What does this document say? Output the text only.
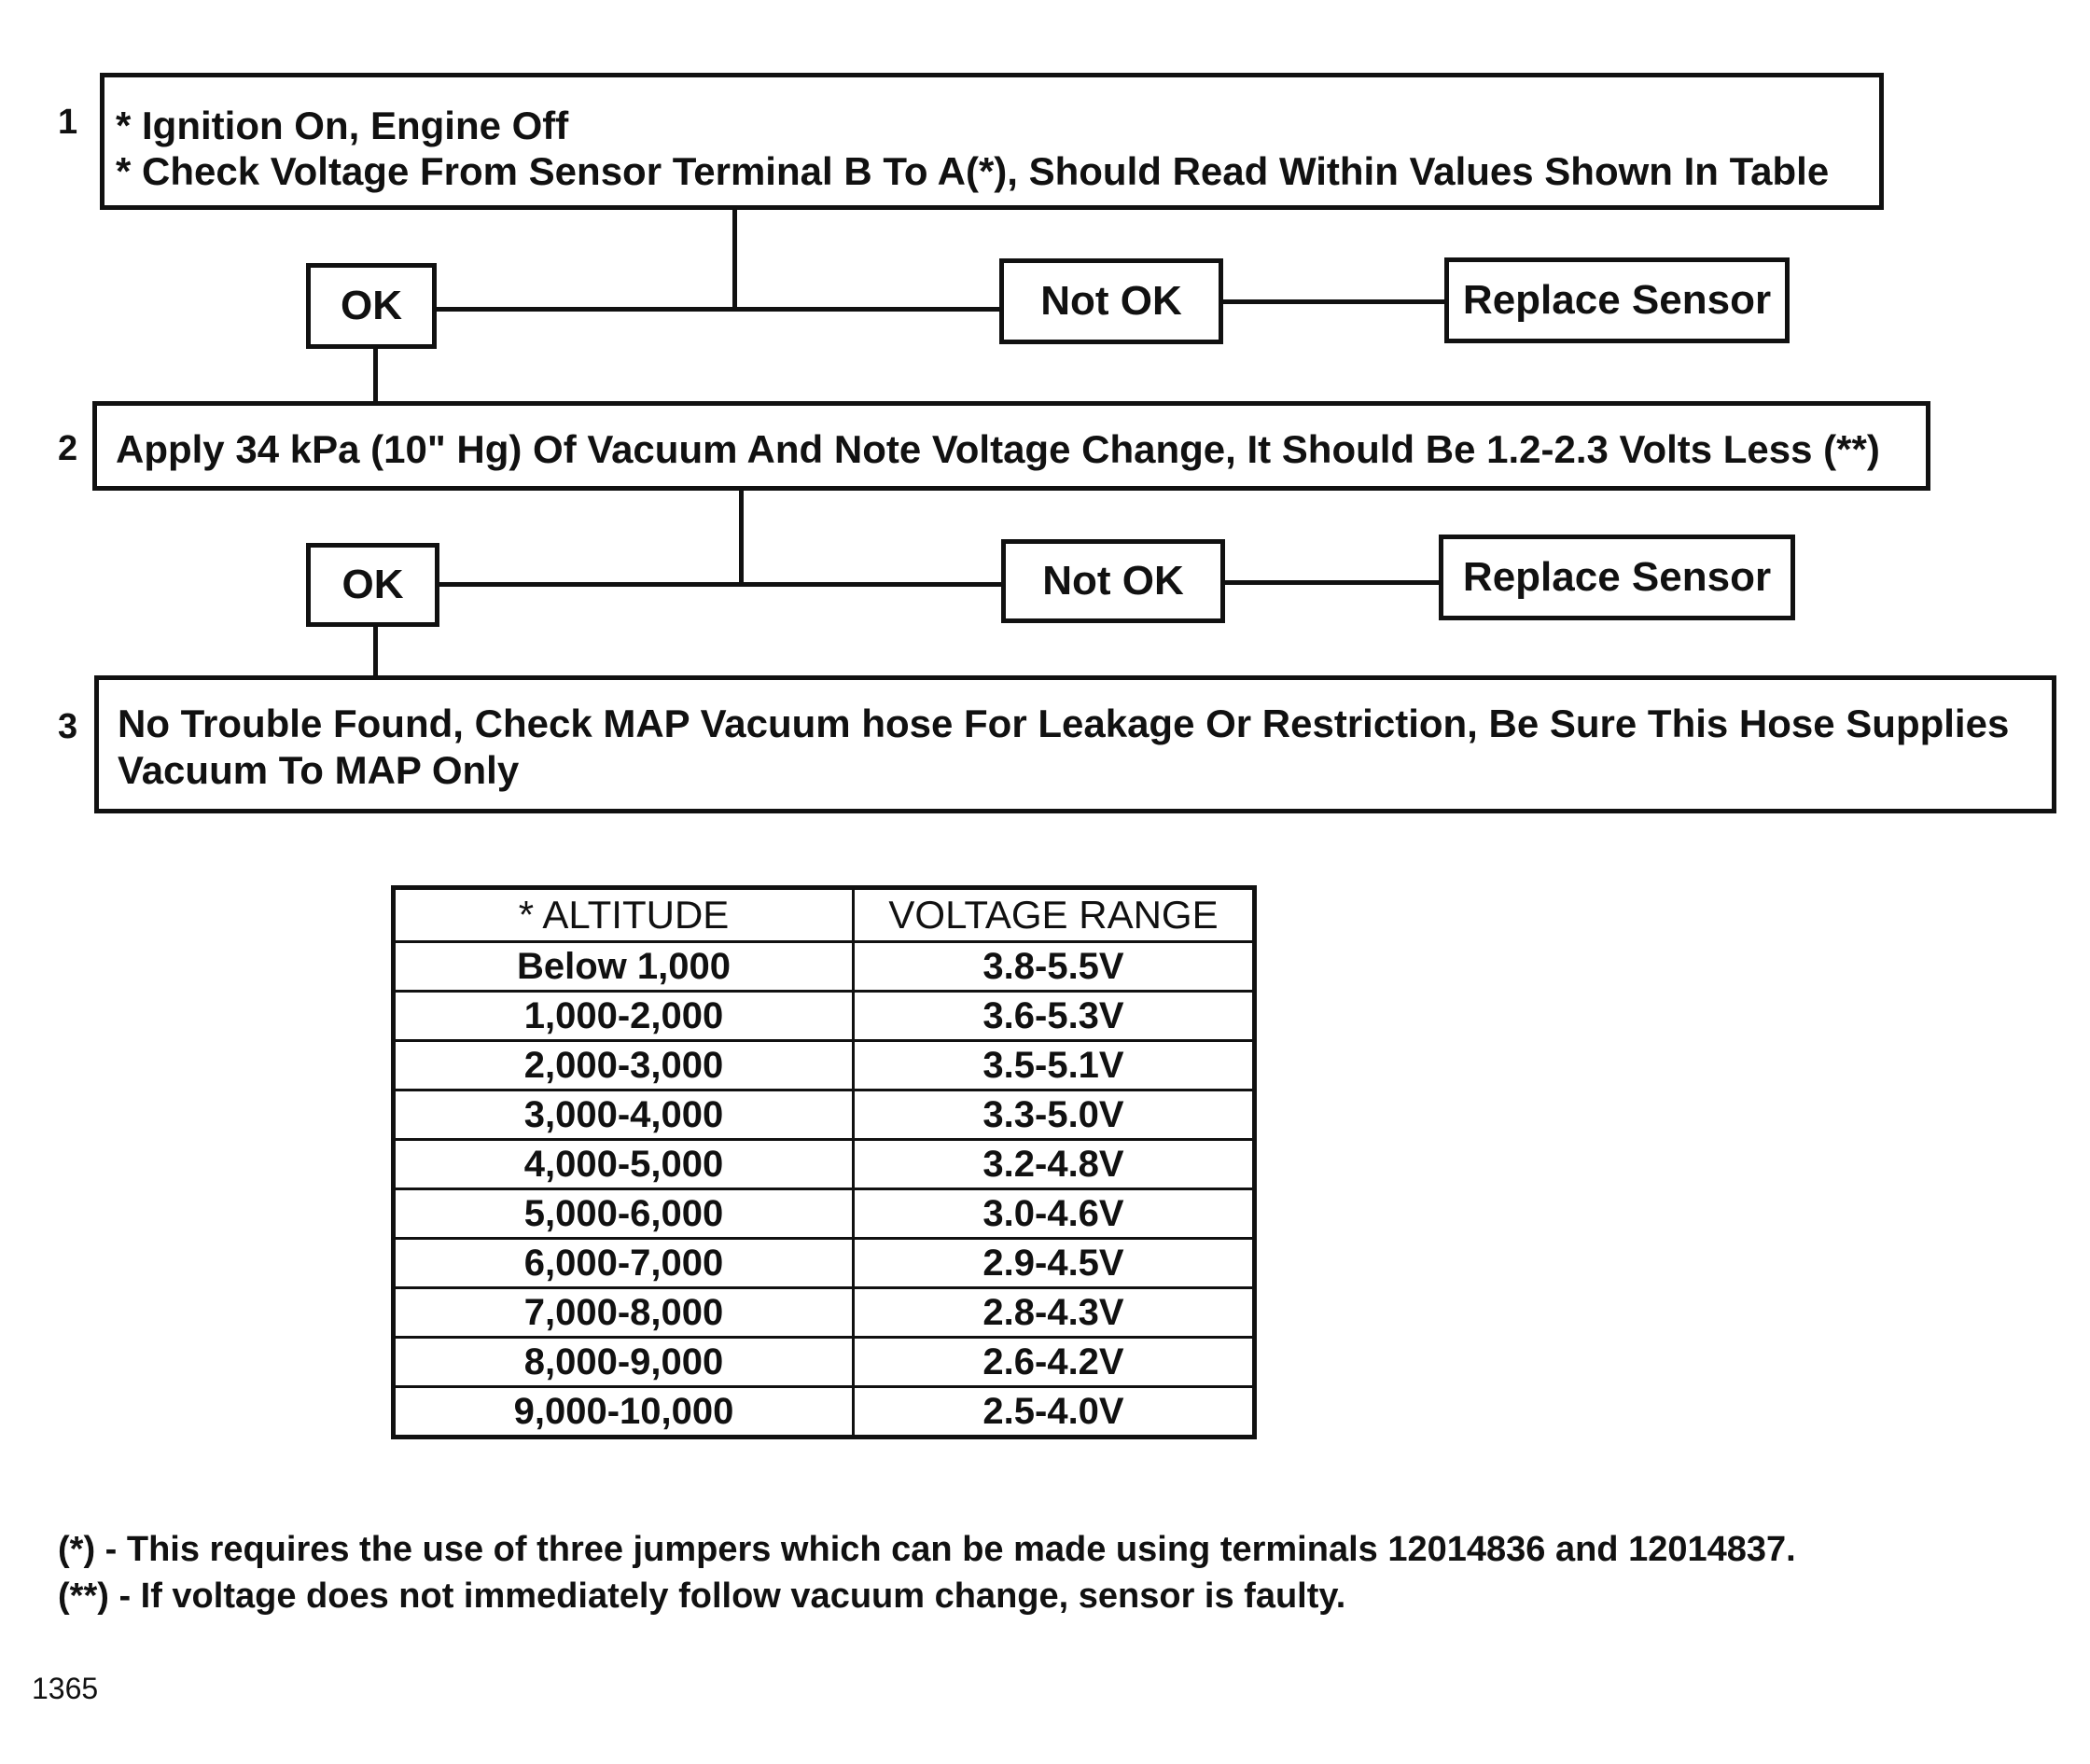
1 * Ignition On, Engine Off
* Check Voltage From Sensor Terminal B To A(*), Should Read Within Values Shown In Table
OK	Not OK	Replace Sensor
2 Apply 34 kPa (10" Hg) Of Vacuum And Note Voltage Change, It Should Be 1.2-2.3 Volts Less (**)
OK	Not OK	Replace Sensor
3 No Trouble Found, Check MAP Vacuum hose For Leakage Or Restriction, Be Sure This Hose Supplies
Vacuum To MAP Only
* ALTITUDE	VOLTAGE RANGE
Below 1,000	3.8-5.5V
1,000-2,000	3.6-5.3V
2,000-3,000	3.5-5.1V
3,000-4,000	3.3-5.0V
4,000-5,000	3.2-4.8V
5,000-6,000	3.0-4.6V
6,000-7,000	2.9-4.5V
7,000-8,000	2.8-4.3V
8,000-9,000	2.6-4.2V
9,000-10,000	2.5-4.0V
(*) - This requires the use of three jumpers which can be made using terminals 12014836 and 12014837.
(**) - If voltage does not immediately follow vacuum change, sensor is faulty.
1365
